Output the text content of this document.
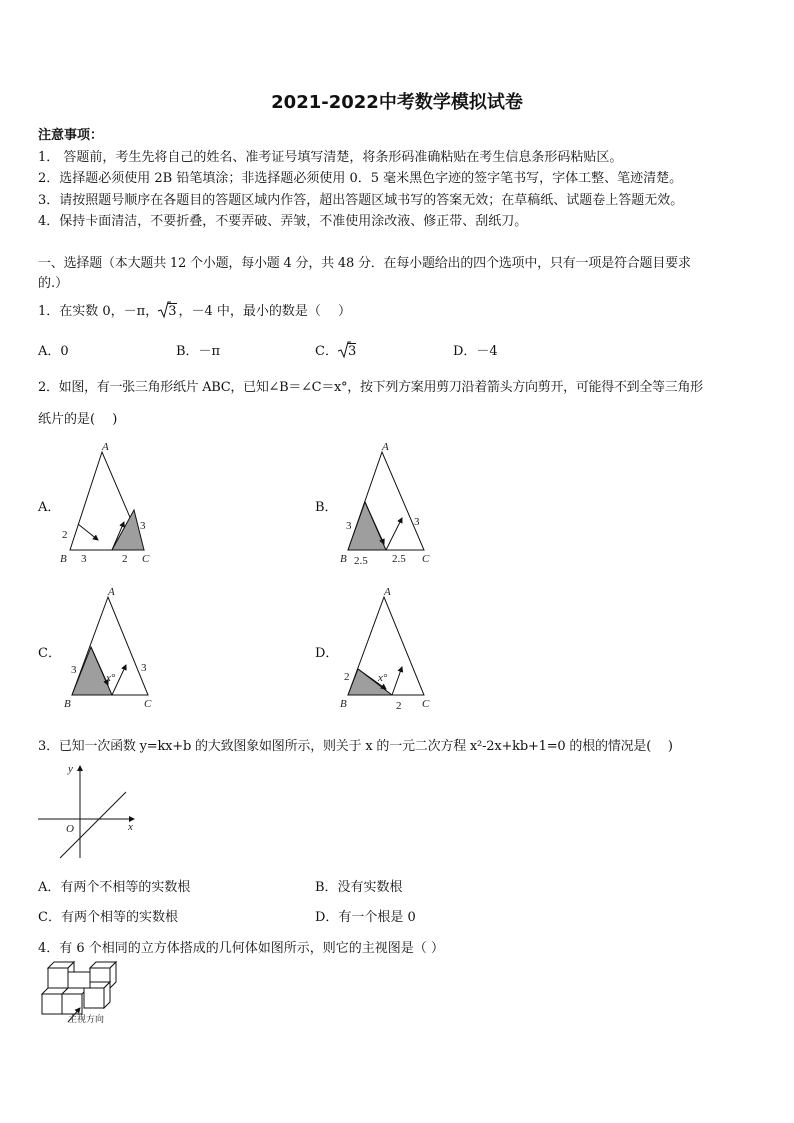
2021-2022中考数学模拟试卷
注意事项：
1． 答题前，考生先将自己的姓名、准考证号填写清楚，将条形码准确粘贴在考生信息条形码粘贴区。
2．选择题必须使用 2B 铅笔填涂；非选择题必须使用 0．5 毫米黑色字迹的签字笔书写，字体工整、笔迹清楚。
3．请按照题号顺序在各题目的答题区域内作答，超出答题区域书写的答案无效；在草稿纸、试题卷上答题无效。
4．保持卡面清洁，不要折叠，不要弄破、弄皱，不准使用涂改液、修正带、刮纸刀。
一、选择题（本大题共 12 个小题，每小题 4 分，共 48 分．在每小题给出的四个选项中，只有一项是符合题目要求
的.）
1．在实数 0，－π， 3 ，－4 中，最小的数是（　 ）
A．0	B．－π	C． 3	D．－4
2．如图，有一张三角形纸片 ABC，已知∠B＝∠C＝x°，按下列方案用剪刀沿着箭头方向剪开，可能得不到全等三角形
纸片的是(　 )
A．	B．
C．	D．
A
B	C
2
3	2
3
A
B	C
3	3
2.5 2.5
A
B	C
3	3
x°
A
B	C
2
2
x°
3．已知一次函数 y=kx+b 的大致图象如图所示，则关于 x 的一元二次方程 x²-2x+kb+1=0 的根的情况是(　 )
y
x
O
A．有两个不相等的实数根	B．没有实数根
C．有两个相等的实数根	D．有一个根是 0
4．有 6 个相同的立方体搭成的几何体如图所示，则它的主视图是（ ）
主视方向
